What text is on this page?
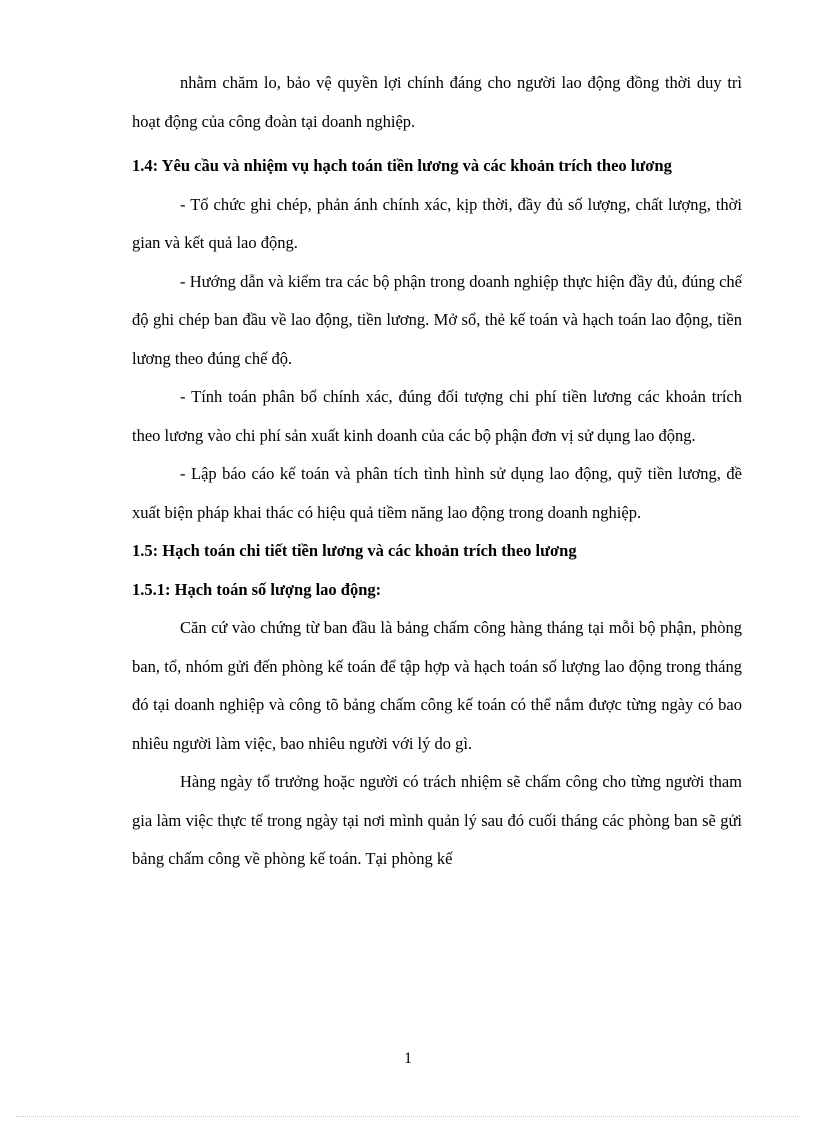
nhằm chăm lo, bảo vệ quyền lợi chính đáng cho người lao động đồng thời duy trì hoạt động của công đoàn tại doanh nghiệp.

1.4: Yêu cầu và nhiệm vụ hạch toán tiền lương và các khoản trích theo lương

- Tổ chức ghi chép, phản ánh chính xác, kịp thời, đầy đủ số lượng, chất lượng, thời gian và kết quả lao động.

- Hướng dẫn và kiểm tra các bộ phận trong doanh nghiệp thực hiện đầy đủ, đúng chế độ ghi chép ban đầu về lao động, tiền lương. Mở sổ, thẻ kế toán và hạch toán lao động, tiền lương theo đúng chế độ.

- Tính toán phân bổ chính xác, đúng đối tượng chi phí tiền lương các khoản trích theo lương vào chi phí sản xuất kinh doanh của các bộ phận đơn vị sử dụng lao động.

- Lập báo cáo kế toán và phân tích tình hình sử dụng lao động, quỹ tiền lương, đề xuất biện pháp khai thác có hiệu quả tiềm năng lao động trong doanh nghiệp.

1.5: Hạch toán chi tiết tiền lương và các khoản trích theo lương

1.5.1: Hạch toán số lượng lao động:

Căn cứ vào chứng từ ban đầu là bảng chấm công hàng tháng tại mỗi bộ phận, phòng ban, tổ, nhóm gửi đến phòng kế toán để tập hợp và hạch toán số lượng lao động trong tháng đó tại doanh nghiệp và công tõ bảng chấm công kế toán có thể nắm được từng ngày có bao nhiêu người làm việc, bao nhiêu người với lý do gì.

Hàng ngày tổ trưởng hoặc người có trách nhiệm sẽ chấm công cho từng người tham gia làm việc thực tế trong ngày tại nơi mình quản lý sau đó cuối tháng các phòng ban sẽ gửi bảng chấm công về phòng kế toán. Tại phòng kế

1
